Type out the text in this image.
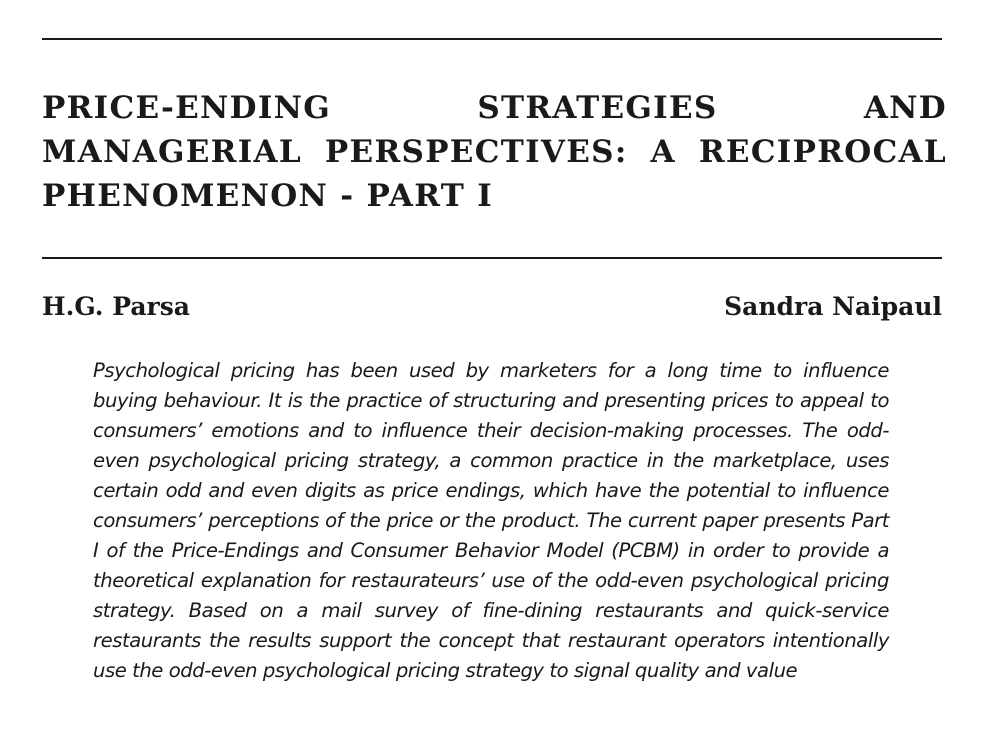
PRICE-ENDING STRATEGIES AND MANAGERIAL PERSPECTIVES: A RECIPROCAL PHENOMENON - PART I
H.G. Parsa	Sandra Naipaul

Psychological pricing has been used by marketers for a long time to influence buying behaviour. It is the practice of structuring and presenting prices to appeal to consumers’ emotions and to influence their decision-making processes. The odd-even psychological pricing strategy, a common practice in the marketplace, uses certain odd and even digits as price endings, which have the potential to influence consumers’ perceptions of the price or the product. The current paper presents Part I of the Price-Endings and Consumer Behavior Model (PCBM) in order to provide a theoretical explanation for restaurateurs’ use of the odd-even psychological pricing strategy. Based on a mail survey of fine-dining restaurants and quick-service restaurants the results support the concept that restaurant operators intentionally use the odd-even psychological pricing strategy to signal quality and value
